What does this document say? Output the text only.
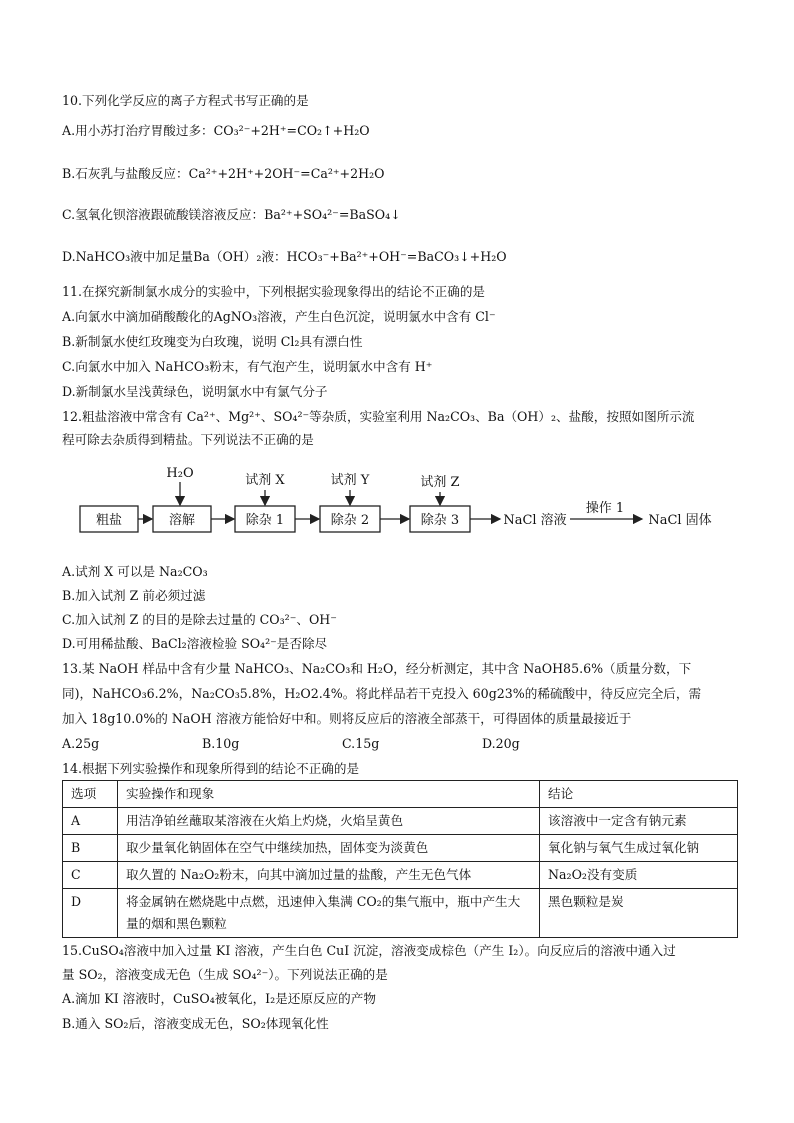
10.下列化学反应的离子方程式书写正确的是
A.用小苏打治疗胃酸过多：CO₃²⁻+2H⁺=CO₂↑+H₂O
B.石灰乳与盐酸反应：Ca²⁺+2H⁺+2OH⁻=Ca²⁺+2H₂O
C.氢氧化钡溶液跟硫酸镁溶液反应：Ba²⁺+SO₄²⁻=BaSO₄↓
D.NaHCO₃液中加足量Ba（OH）₂液：HCO₃⁻+Ba²⁺+OH⁻=BaCO₃↓+H₂O
11.在探究新制氯水成分的实验中，下列根据实验现象得出的结论不正确的是
A.向氯水中滴加硝酸酸化的AgNO₃溶液，产生白色沉淀，说明氯水中含有 Cl⁻
B.新制氯水使红玫瑰变为白玫瑰，说明 Cl₂具有漂白性
C.向氯水中加入 NaHCO₃粉末，有气泡产生，说明氯水中含有 H⁺
D.新制氯水呈浅黄绿色，说明氯水中有氯气分子
12.粗盐溶液中常含有 Ca²⁺、Mg²⁺、SO₄²⁻等杂质，实验室利用 Na₂CO₃、Ba（OH）₂、盐酸，按照如图所示流
程可除去杂质得到精盐。下列说法不正确的是
粗盐	溶解	除杂 1	除杂 2	除杂 3
H₂O	试剂 X	试剂 Y	试剂 Z
NaCl 溶液
操作 1
NaCl 固体
A.试剂 X 可以是 Na₂CO₃
B.加入试剂 Z 前必须过滤
C.加入试剂 Z 的目的是除去过量的 CO₃²⁻、OH⁻
D.可用稀盐酸、BaCl₂溶液检验 SO₄²⁻是否除尽
13.某 NaOH 样品中含有少量 NaHCO₃、Na₂CO₃和 H₂O，经分析测定，其中含 NaOH85.6%（质量分数，下
同)，NaHCO₃6.2%，Na₂CO₃5.8%，H₂O2.4%。将此样品若干克投入 60g23%的稀硫酸中，待反应完全后，需
加入 18g10.0%的 NaOH 溶液方能恰好中和。则将反应后的溶液全部蒸干，可得固体的质量最接近于
A.25g	B.10g	C.15g	D.20g
14.根据下列实验操作和现象所得到的结论不正确的是
选项	实验操作和现象	结论
A	用洁净铂丝蘸取某溶液在火焰上灼烧，火焰呈黄色	该溶液中一定含有钠元素
B	取少量氧化钠固体在空气中继续加热，固体变为淡黄色	氧化钠与氧气生成过氧化钠
C	取久置的 Na₂O₂粉末，向其中滴加过量的盐酸，产生无色气体	Na₂O₂没有变质
D	将金属钠在燃烧匙中点燃，迅速伸入集满 CO₂的集气瓶中，瓶中产生大量的烟和黑色颗粒	黑色颗粒是炭
15.CuSO₄溶液中加入过量 KI 溶液，产生白色 CuI 沉淀，溶液变成棕色（产生 I₂）。向反应后的溶液中通入过
量 SO₂，溶液变成无色（生成 SO₄²⁻）。下列说法正确的是
A.滴加 KI 溶液时，CuSO₄被氧化，I₂是还原反应的产物
B.通入 SO₂后，溶液变成无色，SO₂体现氧化性
